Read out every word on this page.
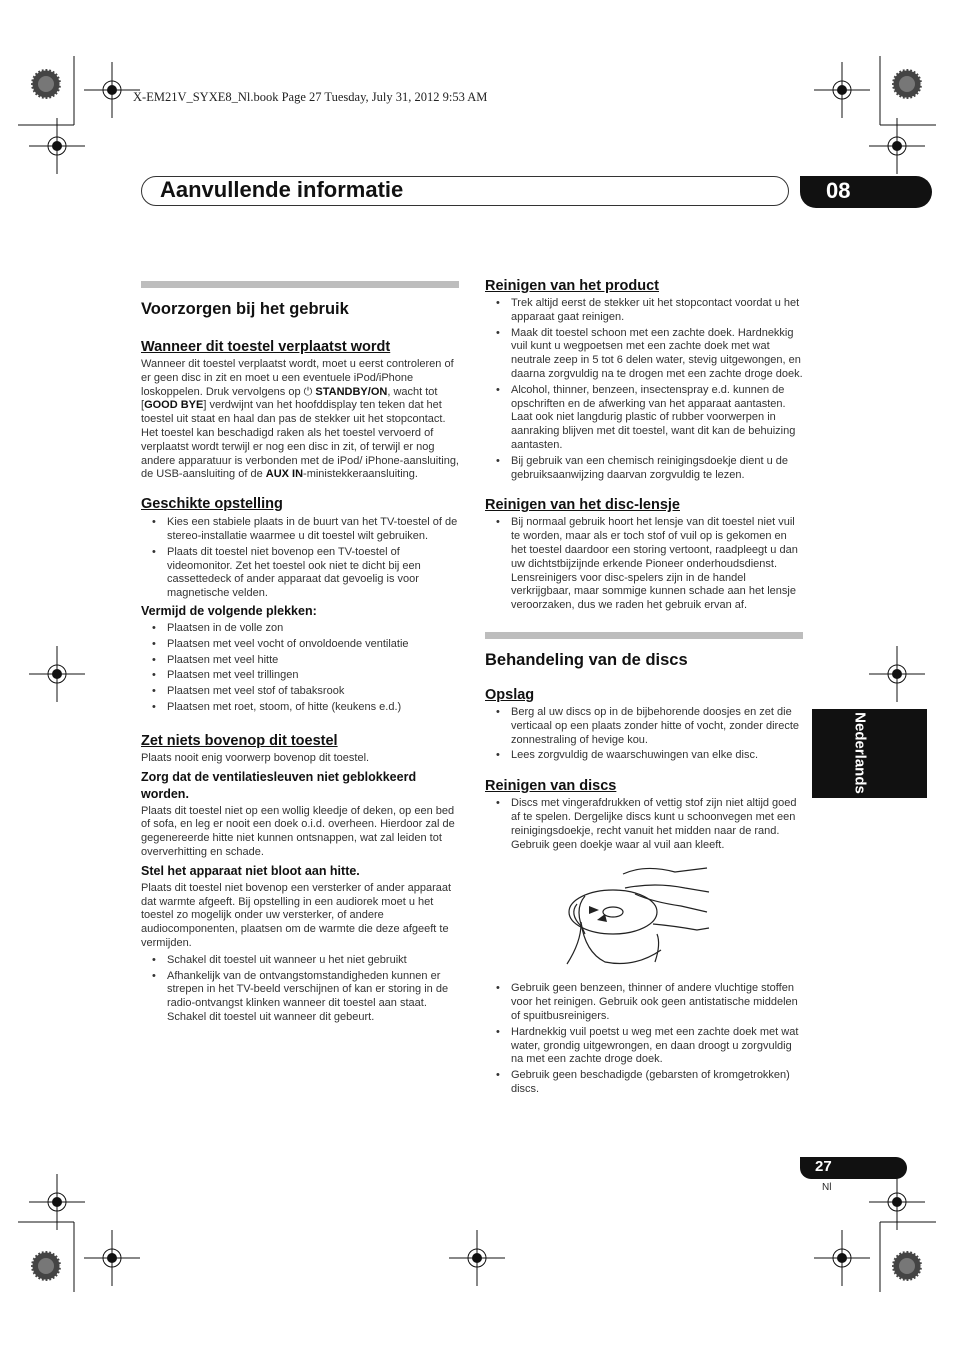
X-EM21V_SYXE8_Nl.book Page 27 Tuesday, July 31, 2012 9:53 AM
Aanvullende informatie	08
Nederlands
27
Nl
Voorzorgen bij het gebruik
Wanneer dit toestel verplaatst wordt

Wanneer dit toestel verplaatst wordt, moet u eerst controleren of er geen disc in zit en moet u een eventuele iPod/iPhone loskoppelen. Druk vervolgens op ⏻ STANDBY/ON, wacht tot [GOOD BYE] verdwijnt van het hoofddisplay ten teken dat het toestel uit staat en haal dan pas de stekker uit het stopcontact. Het toestel kan beschadigd raken als het toestel vervoerd of verplaatst wordt terwijl er nog een disc in zit, of terwijl er nog andere apparatuur is verbonden met de iPod/ iPhone-aansluiting, de USB-aansluiting of de AUX IN-ministekkeraansluiting.

Geschikte opstelling
• Kies een stabiele plaats in de buurt van het TV-toestel of de stereo-installatie waarmee u dit toestel wilt gebruiken.
• Plaats dit toestel niet bovenop een TV-toestel of videomonitor. Zet het toestel ook niet te dicht bij een cassettedeck of ander apparaat dat gevoelig is voor magnetische velden.
Vermijd de volgende plekken:
• Plaatsen in de volle zon
• Plaatsen met veel vocht of onvoldoende ventilatie
• Plaatsen met veel hitte
• Plaatsen met veel trillingen
• Plaatsen met veel stof of tabaksrook
• Plaatsen met roet, stoom, of hitte (keukens e.d.)
Zet niets bovenop dit toestel

Plaats nooit enig voorwerp bovenop dit toestel.

Zorg dat de ventilatiesleuven niet geblokkeerd worden.

Plaats dit toestel niet op een wollig kleedje of deken, op een bed of sofa, en leg er nooit een doek o.i.d. overheen. Hierdoor zal de gegenereerde hitte niet kunnen ontsnappen, wat zal leiden tot oververhitting en schade.

Stel het apparaat niet bloot aan hitte.

Plaats dit toestel niet bovenop een versterker of ander apparaat dat warmte afgeeft. Bij opstelling in een audiorek moet u het toestel zo mogelijk onder uw versterker, of andere audiocomponenten, plaatsen om de warmte die deze afgeeft te vermijden.

• Schakel dit toestel uit wanneer u het niet gebruikt
• Afhankelijk van de ontvangstomstandigheden kunnen er strepen in het TV-beeld verschijnen of kan er storing in de radio-ontvangst klinken wanneer dit toestel aan staat. Schakel dit toestel uit wanneer dit gebeurt.
Reinigen van het product
• Trek altijd eerst de stekker uit het stopcontact voordat u het apparaat gaat reinigen.
• Maak dit toestel schoon met een zachte doek. Hardnekkig vuil kunt u wegpoetsen met een zachte doek met wat neutrale zeep in 5 tot 6 delen water, stevig uitgewongen, en daarna zorgvuldig na te drogen met een zachte droge doek.
• Alcohol, thinner, benzeen, insectenspray e.d. kunnen de opschriften en de afwerking van het apparaat aantasten. Laat ook niet langdurig plastic of rubber voorwerpen in aanraking blijven met dit toestel, want dit kan de behuizing aantasten.
• Bij gebruik van een chemisch reinigingsdoekje dient u de gebruiksaanwijzing daarvan zorgvuldig te lezen.
Reinigen van het disc-lensje
• Bij normaal gebruik hoort het lensje van dit toestel niet vuil te worden, maar als er toch stof of vuil op is gekomen en het toestel daardoor een storing vertoont, raadpleegt u dan uw dichtstbijzijnde erkende Pioneer onderhoudsdienst. Lensreinigers voor disc-spelers zijn in de handel verkrijgbaar, maar sommige kunnen schade aan het lensje veroorzaken, dus we raden het gebruik ervan af.
Behandeling van de discs
Opslag
• Berg al uw discs op in de bijbehorende doosjes en zet die verticaal op een plaats zonder hitte of vocht, zonder directe zonnestraling of hevige kou.
• Lees zorgvuldig de waarschuwingen van elke disc.
Reinigen van discs
• Discs met vingerafdrukken of vettig stof zijn niet altijd goed af te spelen. Dergelijke discs kunt u schoonvegen met een reinigingsdoekje, recht vanuit het midden naar de rand. Gebruik geen doekje waar al vuil aan kleeft.
• Gebruik geen benzeen, thinner of andere vluchtige stoffen voor het reinigen. Gebruik ook geen antistatische middelen of spuitbusreinigers.
• Hardnekkig vuil poetst u weg met een zachte doek met wat water, grondig uitgewrongen, en daan droogt u zorgvuldig na met een zachte droge doek.
• Gebruik geen beschadigde (gebarsten of kromgetrokken) discs.
